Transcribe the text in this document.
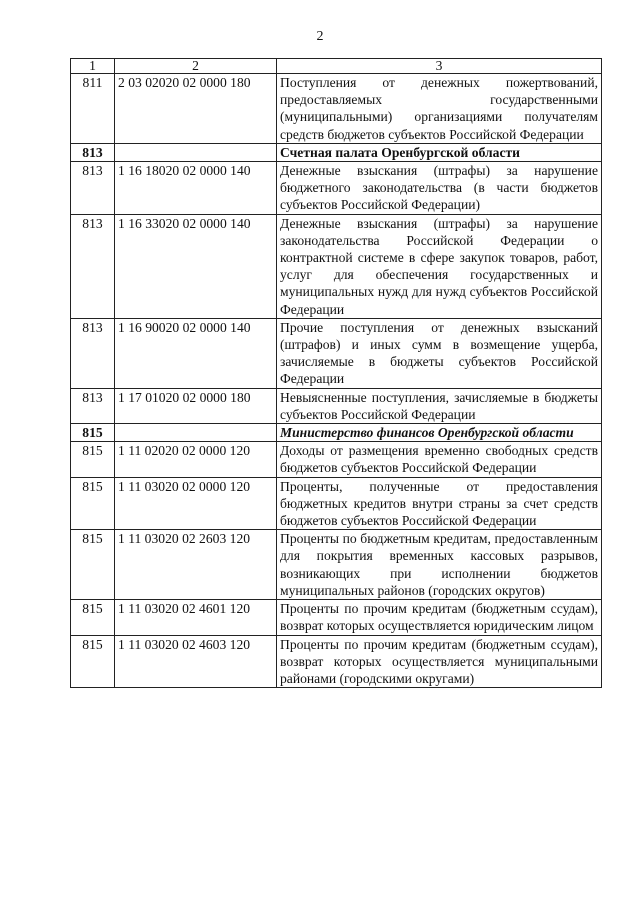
2
1	2	3
811	2 03 02020 02 0000 180	Поступления от денежных пожертвований, предоставляемых государственными (муниципальными) организациями получателям средств бюджетов субъектов Российской Федерации
813		Счетная палата Оренбургской области
813	1 16 18020 02 0000 140	Денежные взыскания (штрафы) за нарушение бюджетного законодательства (в части бюджетов субъектов Российской Федерации)
813	1 16 33020 02 0000 140	Денежные взыскания (штрафы) за нарушение законодательства Российской Федерации о контрактной системе в сфере закупок товаров, работ, услуг для обеспечения государственных и муниципальных нужд для нужд субъектов Российской Федерации
813	1 16 90020 02 0000 140	Прочие поступления от денежных взысканий (штрафов) и иных сумм в возмещение ущерба, зачисляемые в бюджеты субъектов Российской Федерации
813	1 17 01020 02 0000 180	Невыясненные поступления, зачисляемые в бюджеты субъектов Российской Федерации
815		Министерство финансов Оренбургской области
815	1 11 02020 02 0000 120	Доходы от размещения временно свободных средств бюджетов субъектов Российской Федерации
815	1 11 03020 02 0000 120	Проценты, полученные от предоставления бюджетных кредитов внутри страны за счет средств бюджетов субъектов Российской Федерации
815	1 11 03020 02 2603 120	Проценты по бюджетным кредитам, предоставленным для покрытия временных кассовых разрывов, возникающих при исполнении бюджетов муниципальных районов (городских округов)
815	1 11 03020 02 4601 120	Проценты по прочим кредитам (бюджетным ссудам), возврат которых осуществляется юридическим лицом
815	1 11 03020 02 4603 120	Проценты по прочим кредитам (бюджетным ссудам), возврат которых осуществляется муниципальными районами (городскими округами)
